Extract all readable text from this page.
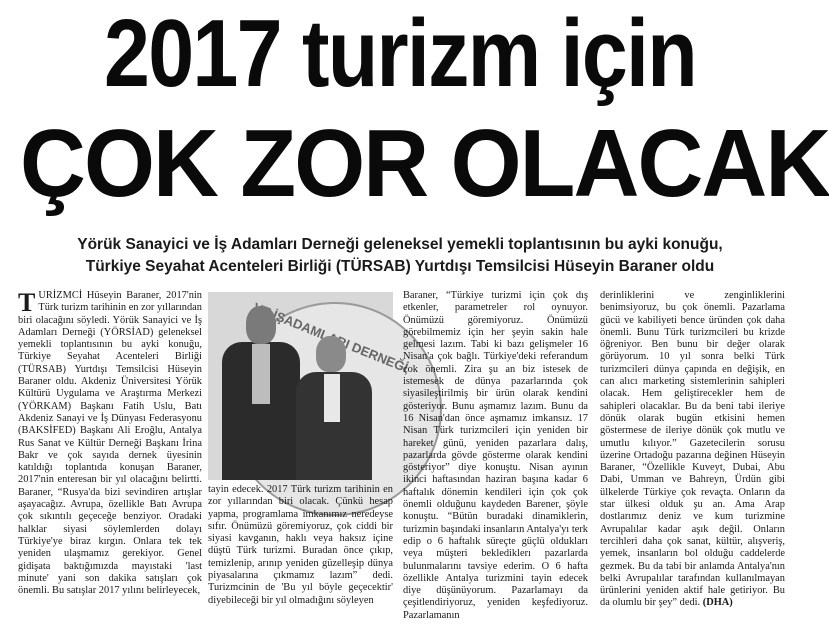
2017 turizm için
ÇOK ZOR OLACAK
Yörük Sanayici ve İş Adamları Derneği geleneksel yemekli toplantısının bu ayki konuğu,
Türkiye Seyahat Acenteleri Birliği (TÜRSAB) Yurtdışı Temsilcisi Hüseyin Baraner oldu

TURİZMCİ Hüseyin Baraner, 2017'nin Türk turizm tarihinin en zor yıllarından biri olacağını söyledi. Yörük Sanayici ve İş Adamları Derneği (YÖRSİAD) geleneksel yemekli toplantısının bu ayki konuğu, Türkiye Seyahat Acenteleri Birliği (TÜRSAB) Yurtdışı Temsilcisi Hüseyin Baraner oldu. Akdeniz Üniversitesi Yörük Kültürü Uygulama ve Araştırma Merkezi (YÖRKAM) Başkanı Fatih Uslu, Batı Akdeniz Sanayi ve İş Dünyası Federasyonu (BAKSİFED) Başkanı Ali Eroğlu, Antalya Rus Sanat ve Kültür Derneği Başkanı İrina Bakr ve çok sayıda dernek üyesinin katıldığı toplantıda konuşan Baraner, 2017'nin enteresan bir yıl olacağını belirtti. Baraner, “Rusya'da bizi sevindiren artışlar aşayacağız. Avrupa, özellikle Batı Avrupa çok sıkıntılı geçeceğe benziyor. Oradaki halklar siyasi söylemlerden dolayı Türkiye'ye biraz kırgın. Onlara tek tek yeniden ulaşmamız gerekiyor. Genel gidişata baktığımızda mayıstaki 'last minute' yani son dakika satışları çok önemli. Bu satışlar 2017 yılını belirleyecek,

İŞADAMLARI DERNEĞİ

tayin edecek. 2017 Türk turizm tarihinin en zor yıllarından biri olacak. Çünkü hesap yapma, programlama imkanımız neredeyse sıfır. Önümüzü göremiyoruz, çok ciddi bir siyasi kavganın, haklı veya haksız içine düştü Türk turizmi. Buradan önce çıkıp, temizlenip, arınıp yeniden güzelleşip dünya piyasalarına çıkmamız lazım” dedi. Turizmcinin de 'Bu yıl böyle geçecektir' diyebileceği bir yıl olmadığını söyleyen

Baraner, “Türkiye turizmi için çok dış etkenler, parametreler rol oynuyor. Önümüzü göremiyoruz. Önümüzü görebilmemiz için her şeyin sakin hale gelmesi lazım. Tabi ki bazı gelişmeler 16 Nisan'a çok bağlı. Türkiye'deki referandum çok önemli. Zira şu an biz istesek de istemesek de dünya pazarlarında çok siyasileştirilmiş bir ürün olarak kendini gösteriyor. Bunu aşmamız lazım. Bunu da 16 Nisan'dan önce aşmamız imkansız. 17 Nisan Türk turizmcileri için yeniden bir hareket günü, yeniden pazarlara dalış, pazarlarda gövde gösterme olarak kendini gösteriyor” diye konuştu. Nisan ayının ikinci haftasından haziran başına kadar 6 haftalık dönemin kendileri için çok çok önemli olduğunu kaydeden Barener, şöyle konuştu. “Bütün buradaki dinamiklerin, turizmin başındaki insanların Antalya'yı terk edip o 6 haftalık süreçte güçlü oldukları veya müşteri beklediklerı pazarlarda bulunmalarını tavsiye ederim. O 6 hafta özellikle Antalya turizmini tayin edecek diye düşünüyorum. Pazarlamayı da çeşitlendiriyoruz, yeniden keşfediyoruz. Pazarlamanın

derinliklerini ve zenginliklerini benimsiyoruz, bu çok önemli. Pazarlama gücü ve kabiliyeti bence üründen çok daha önemli. Bunu Türk turizmcileri bu krizde öğreniyor. Ben bunu bir değer olarak görüyorum. 10 yıl sonra belki Türk turizmcileri dünya çapında en değişik, en can alıcı marketing sistemlerinin sahipleri olacak. Hem geliştirecekler hem de sahipleri olacaklar. Bu da beni tabi ileriye dönük olarak bugün etkisini hemen göstermese de ileriye dönük çok mutlu ve umutlu kılıyor.” Gazetecilerin sorusu üzerine Ortadoğu pazarına değinen Hüseyin Baraner, “Özellikle Kuveyt, Dubai, Abu Dabi, Umman ve Bahreyn, Ürdün gibi ülkelerde Türkiye çok revaçta. Onların da star ülkesi olduk şu an. Ama Arap dostlarımız deniz ve kum turizmine Avrupalılar kadar aşık değil. Onların tercihleri daha çok sanat, kültür, alışveriş, yemek, insanların bol olduğu caddelerde gezmek. Bu da tabi bir anlamda Antalya'nın belki Avrupalılar tarafından kullanılmayan ürünlerini yeniden aktif hale getiriyor. Bu da olumlu bir şey” dedi. (DHA)
